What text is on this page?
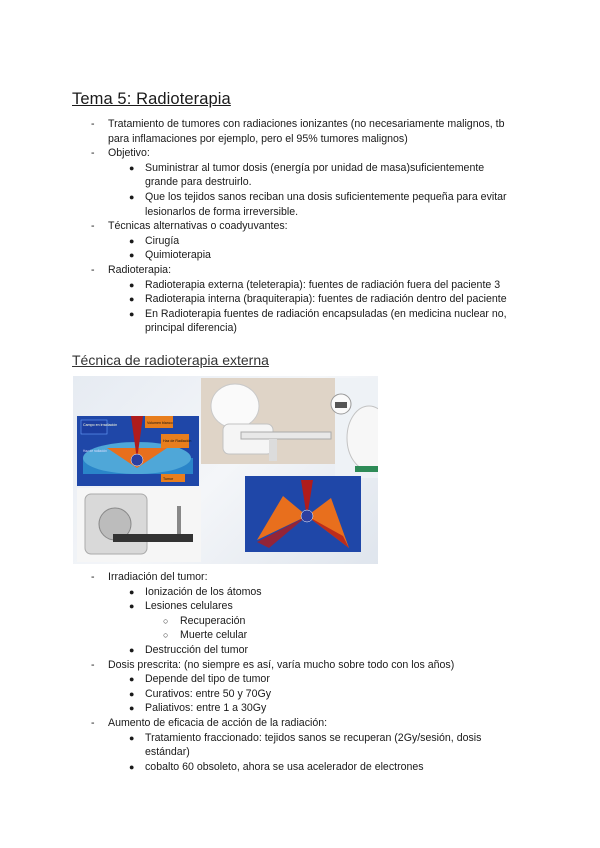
Tema 5: Radioterapia
- Tratamiento de tumores con radiaciones ionizantes (no necesariamente malignos, tb
para inflamaciones por ejemplo, pero el 95% tumores malignos)
- Objetivo:
● Suministrar al tumor dosis (energía por unidad de masa)suficientemente
grande para destruirlo.
● Que los tejidos sanos reciban una dosis suficientemente pequeña para evitar
lesionarlos de forma irreversible.
- Técnicas alternativas o coadyuvantes:
● Cirugía
● Quimioterapia
- Radioterapia:
● Radioterapia externa (teleterapia): fuentes de radiación fuera del paciente 3
● Radioterapia interna (braquiterapia): fuentes de radiación dentro del paciente
● En Radioterapia fuentes de radiación encapsuladas (en medicina nuclear no,
principal diferencia)
Técnica de radioterapia externa
Campo en irradiación	Volumen blanco
Haz de Radiación
Tumor
Haz de radiación
- Irradiación del tumor:
● Ionización de los átomos
● Lesiones celulares
○ Recuperación
○ Muerte celular
● Destrucción del tumor
- Dosis prescrita: (no siempre es así, varía mucho sobre todo con los años)
● Depende del tipo de tumor
● Curativos: entre 50 y 70Gy
● Paliativos: entre 1 a 30Gy
- Aumento de eficacia de acción de la radiación:
● Tratamiento fraccionado: tejidos sanos se recuperan (2Gy/sesión, dosis
estándar)
● cobalto 60 obsoleto, ahora se usa acelerador de electrones
